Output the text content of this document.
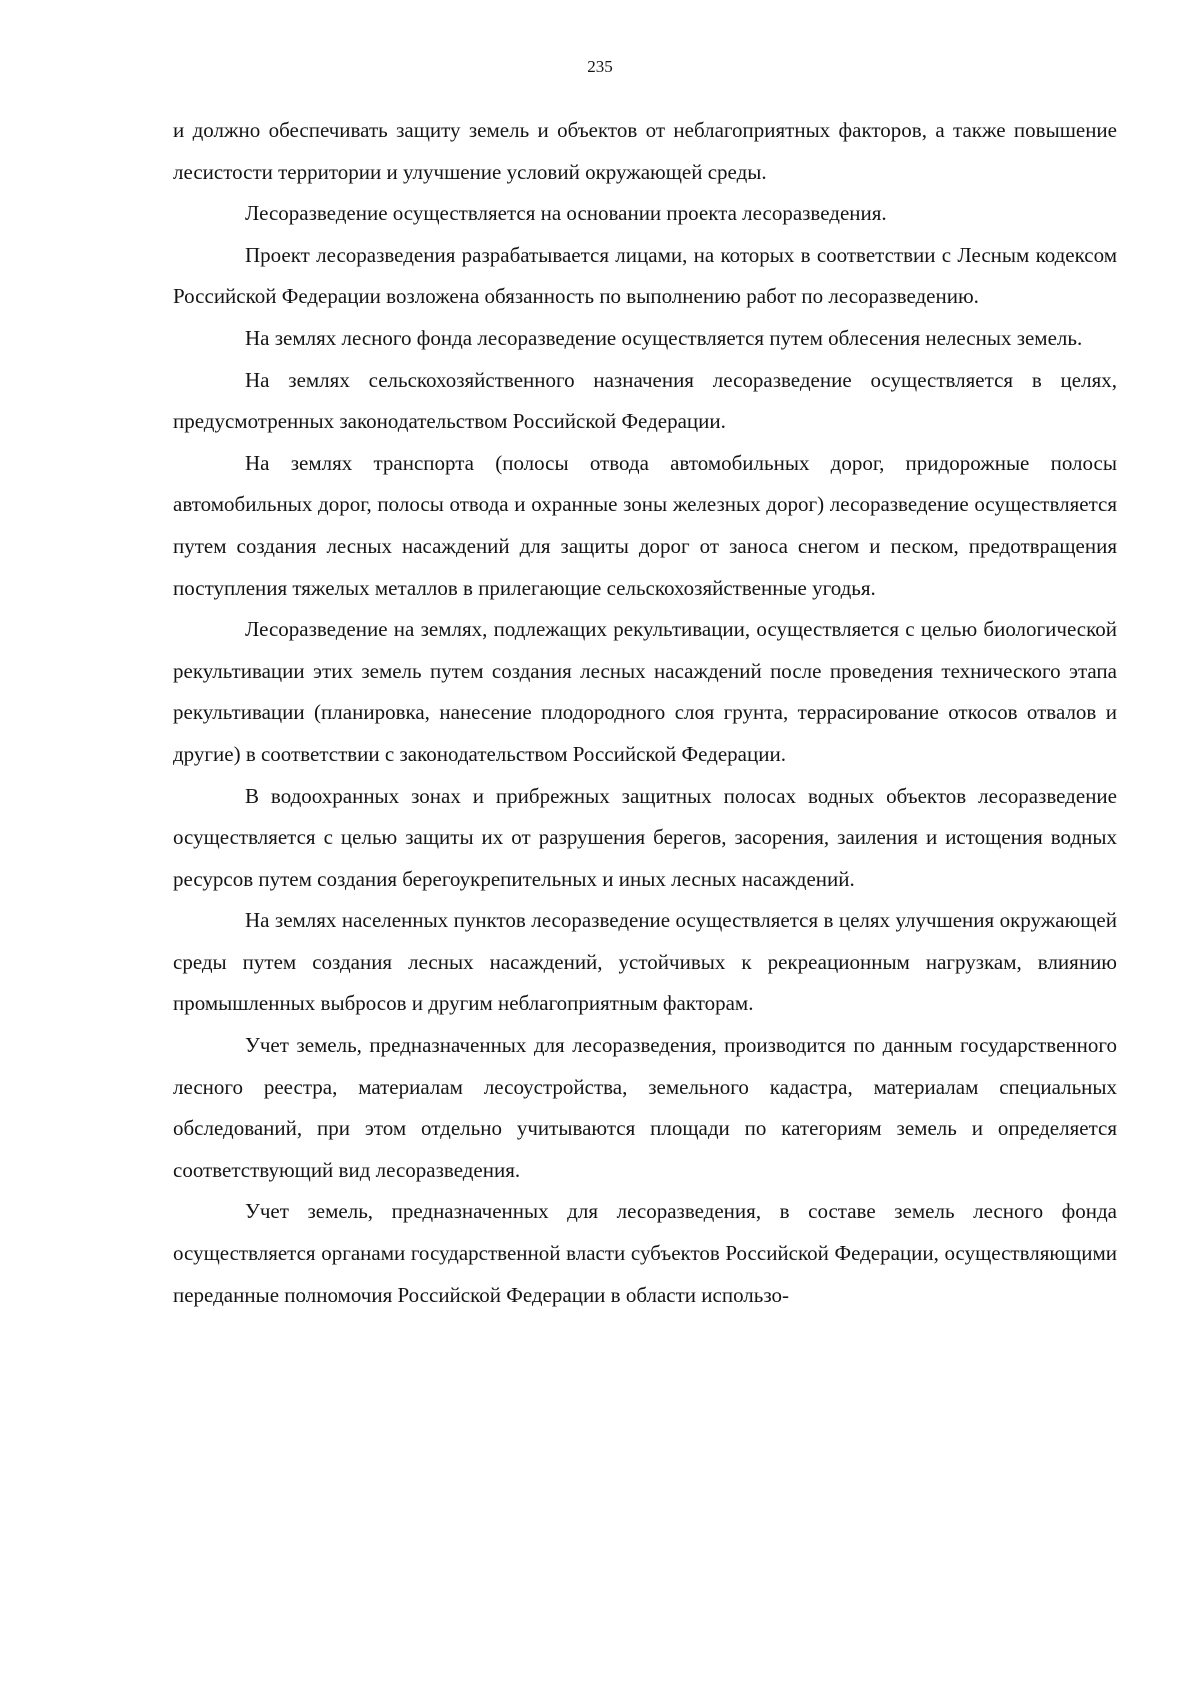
235

и должно обеспечивать защиту земель и объектов от неблагоприятных факторов, а также повышение лесистости территории и улучшение условий окружающей среды.

Лесоразведение осуществляется на основании проекта лесоразведения.

Проект лесоразведения разрабатывается лицами, на которых в соответствии с Лесным кодексом Российской Федерации возложена обязанность по выполнению работ по лесоразведению.

На землях лесного фонда лесоразведение осуществляется путем облесения нелесных земель.

На землях сельскохозяйственного назначения лесоразведение осуществляется в целях, предусмотренных законодательством Российской Федерации.

На землях транспорта (полосы отвода автомобильных дорог, придорожные полосы автомобильных дорог, полосы отвода и охранные зоны железных дорог) лесоразведение осуществляется путем создания лесных насаждений для защиты дорог от заноса снегом и песком, предотвращения поступления тяжелых металлов в прилегающие сельскохозяйственные угодья.

Лесоразведение на землях, подлежащих рекультивации, осуществляется с целью биологической рекультивации этих земель путем создания лесных насаждений после проведения технического этапа рекультивации (планировка, нанесение плодородного слоя грунта, террасирование откосов отвалов и другие) в соответствии с законодательством Российской Федерации.

В водоохранных зонах и прибрежных защитных полосах водных объектов лесоразведение осуществляется с целью защиты их от разрушения берегов, засорения, заиления и истощения водных ресурсов путем создания берегоукрепительных и иных лесных насаждений.

На землях населенных пунктов лесоразведение осуществляется в целях улучшения окружающей среды путем создания лесных насаждений, устойчивых к рекреационным нагрузкам, влиянию промышленных выбросов и другим неблагоприятным факторам.

Учет земель, предназначенных для лесоразведения, производится по данным государственного лесного реестра, материалам лесоустройства, земельного кадастра, материалам специальных обследований, при этом отдельно учитываются площади по категориям земель и определяется соответствующий вид лесоразведения.

Учет земель, предназначенных для лесоразведения, в составе земель лесного фонда осуществляется органами государственной власти субъектов Российской Федерации, осуществляющими переданные полномочия Российской Федерации в области использо-
